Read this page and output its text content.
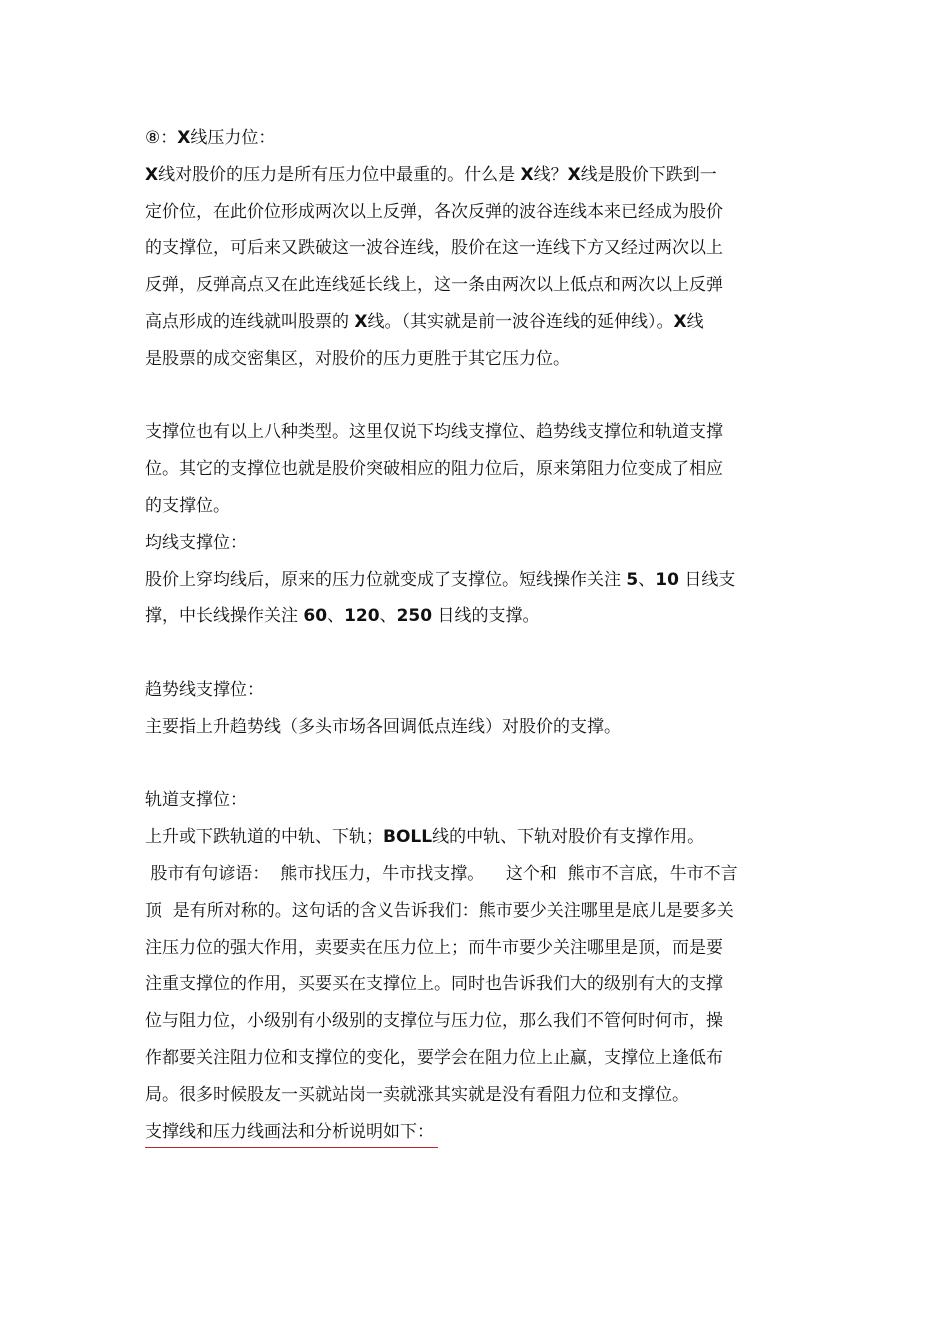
⑧：X线压力位：
X线对股价的压力是所有压力位中最重的。什么是 X线？X线是股价下跌到一
定价位，在此价位形成两次以上反弹，各次反弹的波谷连线本来已经成为股价
的支撑位，可后来又跌破这一波谷连线，股价在这一连线下方又经过两次以上
反弹，反弹高点又在此连线延长线上，这一条由两次以上低点和两次以上反弹
高点形成的连线就叫股票的 X线。（其实就是前一波谷连线的延伸线）。X线
是股票的成交密集区，对股价的压力更胜于其它压力位。
支撑位也有以上八种类型。这里仅说下均线支撑位、趋势线支撑位和轨道支撑
位。其它的支撑位也就是股价突破相应的阻力位后，原来第阻力位变成了相应
的支撑位。
均线支撑位：
股价上穿均线后，原来的压力位就变成了支撑位。短线操作关注 5、10 日线支
撑，中长线操作关注 60、120、250 日线的支撑。
趋势线支撑位：
主要指上升趋势线（多头市场各回调低点连线）对股价的支撑。
轨道支撑位：
上升或下跌轨道的中轨、下轨；BOLL线的中轨、下轨对股价有支撑作用。
股市有句谚语：  熊市找压力，牛市找支撑。    这个和  熊市不言底，牛市不言
顶  是有所对称的。这句话的含义告诉我们：熊市要少关注哪里是底儿是要多关
注压力位的强大作用，卖要卖在压力位上；而牛市要少关注哪里是顶，而是要
注重支撑位的作用，买要买在支撑位上。同时也告诉我们大的级别有大的支撑
位与阻力位，小级别有小级别的支撑位与压力位，那么我们不管何时何市，操
作都要关注阻力位和支撑位的变化，要学会在阻力位上止赢，支撑位上逢低布
局。很多时候股友一买就站岗一卖就涨其实就是没有看阻力位和支撑位。
支撑线和压力线画法和分析说明如下：
